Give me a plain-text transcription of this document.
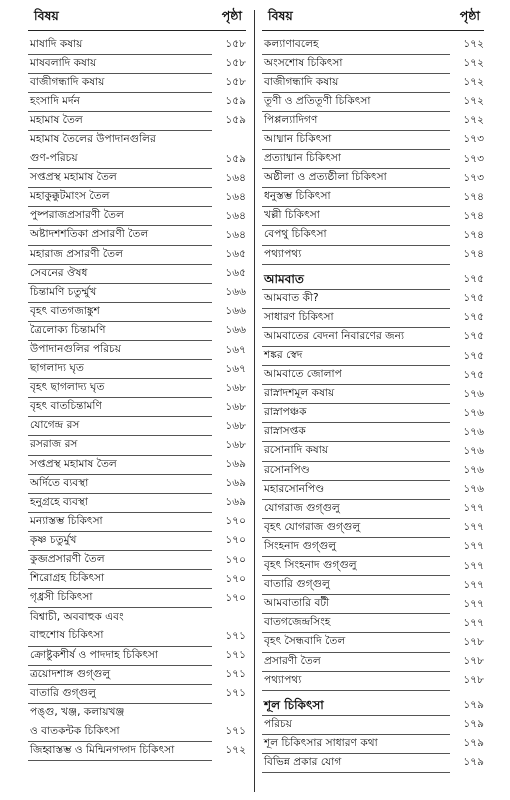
বিষয়	পৃষ্ঠা
মাষাদি কষায়	১৫৮
মাষবলাদি কষায়	১৫৮
বাজীগন্ধাদি কষায়	১৫৮
হংসাদি মর্দন	১৫৯
মহামাষ তৈল	১৫৯
মহামাষ তৈলের উপাদানগুলির
গুণ-পরিচয়	১৫৯
সপ্তপ্রস্থ মহামাষ তৈল	১৬৪
মহাকুক্কুটমাংস তৈল	১৬৪
পুষ্পরাজপ্রসারণী তৈল	১৬৪
অষ্টাদশশতিকা প্রসারণী তৈল	১৬৪
মহারাজ প্রসারণী তৈল	১৬৫
সেবনের ঔষধ	১৬৫
চিন্তামণি চতুর্ম্মুখ	১৬৬
বৃহৎ বাতগজাঙ্কুশ	১৬৬
ত্রৈলোক্য চিন্তামণি	১৬৬
উপাদানগুলির পরিচয়	১৬৭
ছাগলাদ্য ঘৃত	১৬৭
বৃহৎ ছাগলাদ্য ঘৃত	১৬৮
বৃহৎ বাতচিন্তামণি	১৬৮
যোগেন্দ্র রস	১৬৮
রসরাজ রস	১৬৮
সপ্তপ্রস্থ মহামাষ তৈল	১৬৯
অর্দিতে ব্যবস্থা	১৬৯
হনুগ্রহে ব্যবস্থা	১৬৯
মন্যাস্তম্ভ চিকিৎসা	১৭০
কৃষ্ণ চতুর্মুখ	১৭০
কুব্জপ্রসারণী তৈল	১৭০
শিরোগ্রহ চিকিৎসা	১৭০
গৃধ্রসী চিকিৎসা	১৭০
বিশ্বাচী, অববাহুক এবং
বাহুশোষ চিকিৎসা	১৭১
ক্রোষ্টুকশীর্ষ ও পাদদাহ চিকিৎসা	১৭১
ত্রয়োদশাঙ্গ গুগ্গুলু	১৭১
বাতারি গুগ্গুলু	১৭১
পঙ্গু, খঞ্জ, কলায়খঞ্জ
ও বাতকন্টক চিকিৎসা	১৭১
জিহ্বাস্তম্ভ ও মিন্মিনগদ্গদ চিকিৎসা	১৭২
বিষয়	পৃষ্ঠা
কল্যাণাবলেহ	১৭২
অংসশোষ চিকিৎসা	১৭২
বাজীগন্ধাদি কষায়	১৭২
তূণী ও প্রতিতূণী চিকিৎসা	১৭২
পিপ্পল্যাদিগণ	১৭২
আধ্মান চিকিৎসা	১৭৩
প্রত্যাধ্মান চিকিৎসা	১৭৩
অষ্ঠীলা ও প্রত্যষ্ঠীলা চিকিৎসা	১৭৩
ধনুস্তম্ভ চিকিৎসা	১৭৪
খল্লী চিকিৎসা	১৭৪
বেপথু চিকিৎসা	১৭৪
পথ্যাপথ্য	১৭৪
আমবাত	১৭৫
আমবাত কী?	১৭৫
সাধারণ চিকিৎসা	১৭৫
আমবাতের বেদনা নিবারণের জন্য	১৭৫
শঙ্কর স্বেদ	১৭৫
আমবাতে জোলাপ	১৭৫
রাস্নাদশমূল কষায়	১৭৬
রাস্নাপঞ্চক	১৭৬
রাস্নাসপ্তক	১৭৬
রসোনাদি কষায়	১৭৬
রসোনপিণ্ড	১৭৬
মহারসোনপিণ্ড	১৭৬
যোগরাজ গুগ্গুলু	১৭৭
বৃহৎ যোগরাজ গুগ্গুলু	১৭৭
সিংহনাদ গুগ্গুলু	১৭৭
বৃহৎ সিংহনাদ গুগ্গুলু	১৭৭
বাতারি গুগ্গুলু	১৭৭
আমবাতারি বটী	১৭৭
বাতগজেন্দ্রসিংহ	১৭৭
বৃহৎ সৈন্ধবাদি তৈল	১৭৮
প্রসারণী তৈল	১৭৮
পথ্যাপথ্য	১৭৮
শূল চিকিৎসা	১৭৯
পরিচয়	১৭৯
শূল চিকিৎসার সাধারণ কথা	১৭৯
বিভিন্ন প্রকার যোগ	১৭৯
